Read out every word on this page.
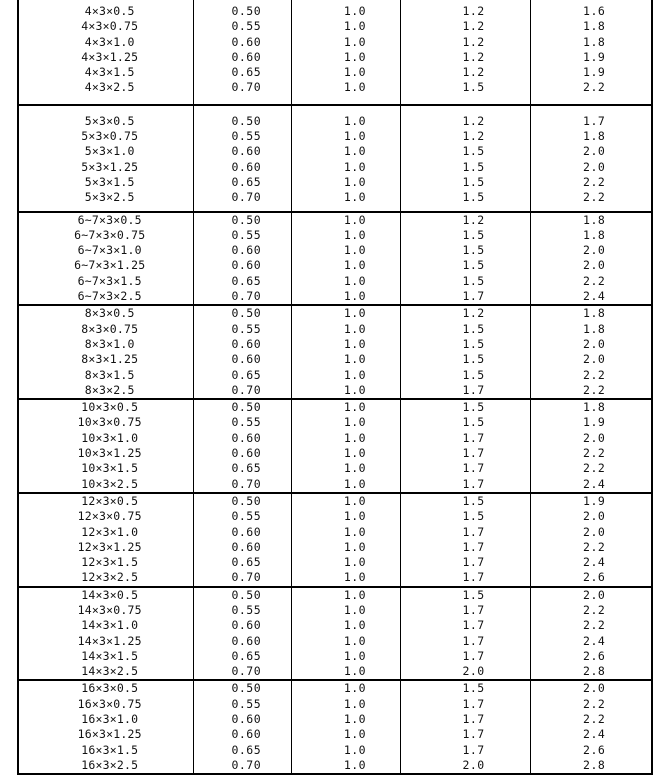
4×3×0.5	0.50	1.0	1.2	1.6
4×3×0.75	0.55	1.0	1.2	1.8
4×3×1.0	0.60	1.0	1.2	1.8
4×3×1.25	0.60	1.0	1.2	1.9
4×3×1.5	0.65	1.0	1.2	1.9
4×3×2.5	0.70	1.0	1.5	2.2
5×3×0.5	0.50	1.0	1.2	1.7
5×3×0.75	0.55	1.0	1.2	1.8
5×3×1.0	0.60	1.0	1.5	2.0
5×3×1.25	0.60	1.0	1.5	2.0
5×3×1.5	0.65	1.0	1.5	2.2
5×3×2.5	0.70	1.0	1.5	2.2
6~7×3×0.5	0.50	1.0	1.2	1.8
6~7×3×0.75	0.55	1.0	1.5	1.8
6~7×3×1.0	0.60	1.0	1.5	2.0
6~7×3×1.25	0.60	1.0	1.5	2.0
6~7×3×1.5	0.65	1.0	1.5	2.2
6~7×3×2.5	0.70	1.0	1.7	2.4
8×3×0.5	0.50	1.0	1.2	1.8
8×3×0.75	0.55	1.0	1.5	1.8
8×3×1.0	0.60	1.0	1.5	2.0
8×3×1.25	0.60	1.0	1.5	2.0
8×3×1.5	0.65	1.0	1.5	2.2
8×3×2.5	0.70	1.0	1.7	2.2
10×3×0.5	0.50	1.0	1.5	1.8
10×3×0.75	0.55	1.0	1.5	1.9
10×3×1.0	0.60	1.0	1.7	2.0
10×3×1.25	0.60	1.0	1.7	2.2
10×3×1.5	0.65	1.0	1.7	2.2
10×3×2.5	0.70	1.0	1.7	2.4
12×3×0.5	0.50	1.0	1.5	1.9
12×3×0.75	0.55	1.0	1.5	2.0
12×3×1.0	0.60	1.0	1.7	2.0
12×3×1.25	0.60	1.0	1.7	2.2
12×3×1.5	0.65	1.0	1.7	2.4
12×3×2.5	0.70	1.0	1.7	2.6
14×3×0.5	0.50	1.0	1.5	2.0
14×3×0.75	0.55	1.0	1.7	2.2
14×3×1.0	0.60	1.0	1.7	2.2
14×3×1.25	0.60	1.0	1.7	2.4
14×3×1.5	0.65	1.0	1.7	2.6
14×3×2.5	0.70	1.0	2.0	2.8
16×3×0.5	0.50	1.0	1.5	2.0
16×3×0.75	0.55	1.0	1.7	2.2
16×3×1.0	0.60	1.0	1.7	2.2
16×3×1.25	0.60	1.0	1.7	2.4
16×3×1.5	0.65	1.0	1.7	2.6
16×3×2.5	0.70	1.0	2.0	2.8
